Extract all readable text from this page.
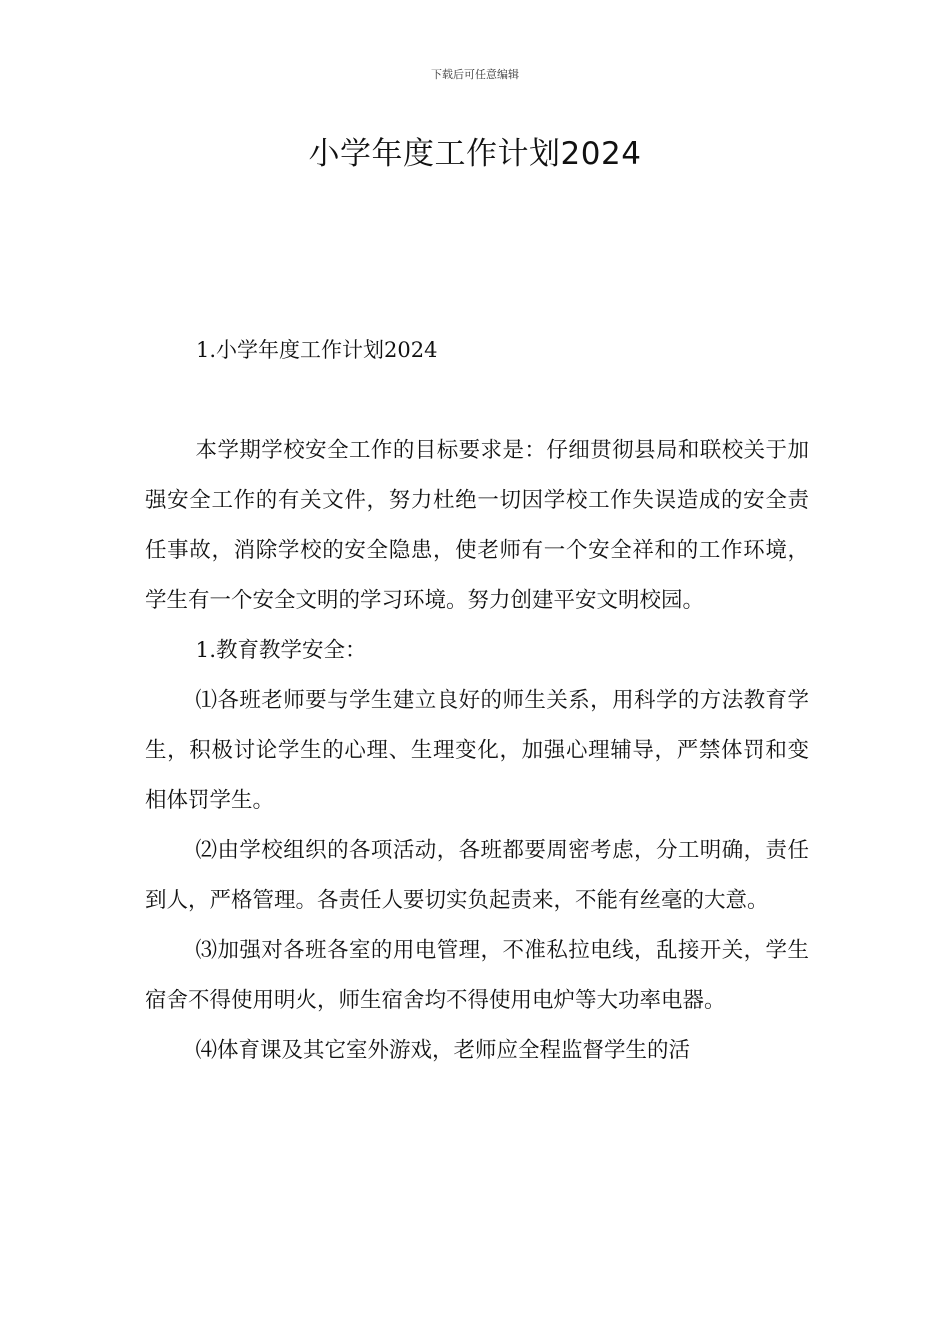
下载后可任意编辑
小学年度工作计划2024
1.小学年度工作计划2024

本学期学校安全工作的目标要求是：仔细贯彻县局和联校关于加强安全工作的有关文件，努力杜绝一切因学校工作失误造成的安全责任事故，消除学校的安全隐患，使老师有一个安全祥和的工作环境，学生有一个安全文明的学习环境。努力创建平安文明校园。

1.教育教学安全：

⑴各班老师要与学生建立良好的师生关系，用科学的方法教育学生，积极讨论学生的心理、生理变化，加强心理辅导，严禁体罚和变相体罚学生。

⑵由学校组织的各项活动，各班都要周密考虑，分工明确，责任到人，严格管理。各责任人要切实负起责来，不能有丝毫的大意。

⑶加强对各班各室的用电管理，不准私拉电线，乱接开关，学生宿舍不得使用明火，师生宿舍均不得使用电炉等大功率电器。

⑷体育课及其它室外游戏，老师应全程监督学生的活
